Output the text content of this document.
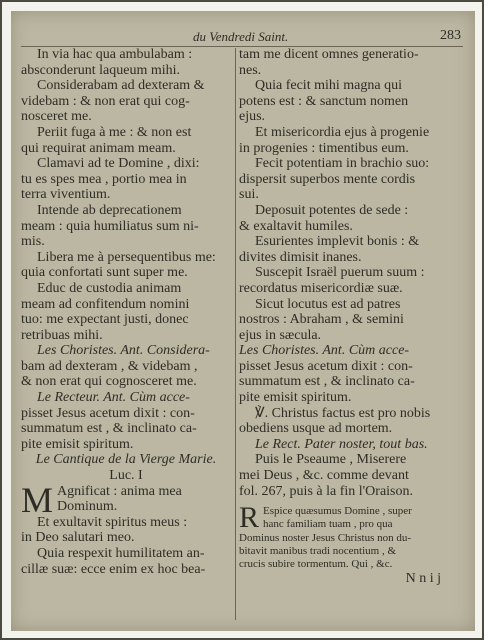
du Vendredi Saint.	283

In via hac qua ambulabam :

absconderunt laqueum mihi.

Considerabam ad dexteram &

videbam : & non erat qui cog-

nosceret me.

Periit fuga à me : & non est

qui requirat animam meam.

Clamavi ad te Domine , dixi:

tu es spes mea , portio mea in

terra viventium.

Intende ab deprecationem

meam : quia humiliatus sum ni-

mis.

Libera me à persequentibus me:

quia confortati sunt super me.

Educ de custodia animam

meam ad confitendum nomini

tuo: me expectant justi, donec

retribuas mihi.

Les Choristes. Ant. Considera-

bam ad dexteram , & videbam ,

& non erat qui cognosceret me.

Le Recteur. Ant. Cùm acce-

pisset Jesus acetum dixit : con-

summatum est , & inclinato ca-

pite emisit spiritum.

Le Cantique de la Vierge Marie.

Luc. I

M Agnificat : anima mea

Dominum.

Et exultavit spiritus meus :

in Deo salutari meo.

Quia respexit humilitatem an-

cillæ suæ: ecce enim ex hoc bea-

tam me dicent omnes generatio-

nes.

Quia fecit mihi magna qui

potens est : & sanctum nomen

ejus.

Et misericordia ejus à progenie

in progenies : timentibus eum.

Fecit potentiam in brachio suo:

dispersit superbos mente cordis

sui.

Deposuit potentes de sede :

& exaltavit humiles.

Esurientes implevit bonis : &

divites dimisit inanes.

Suscepit Israël puerum suum :

recordatus misericordiæ suæ.

Sicut locutus est ad patres

nostros : Abraham , & semini

ejus in sæcula.

Les Choristes. Ant. Cùm acce-

pisset Jesus acetum dixit : con-

summatum est , & inclinato ca-

pite emisit spiritum.

℣. Christus factus est pro nobis

obediens usque ad mortem.

Le Rect. Pater noster, tout bas.

Puis le Pseaume , Miserere

mei Deus , &c. comme devant

fol. 267, puis à la fin l'Oraison.

R Espice quæsumus Domine , super

hanc familiam tuam , pro qua

Dominus noster Jesus Christus non du-

bitavit manibus tradi nocentium , &

crucis subire tormentum. Qui , &c.

N n i j
